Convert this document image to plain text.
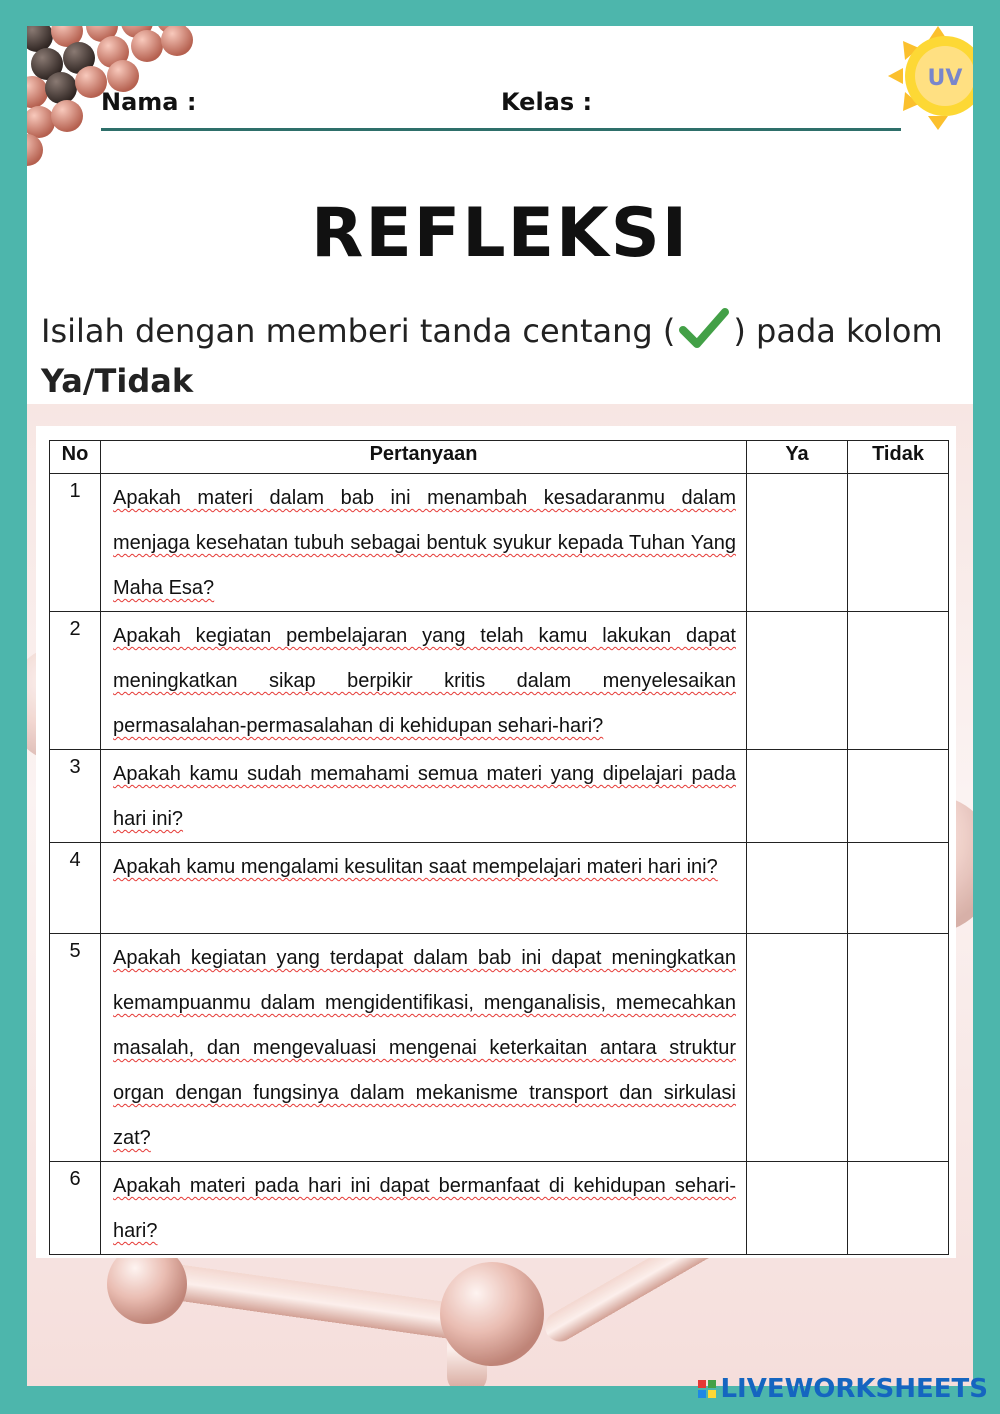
UV
Nama :	Kelas :
REFLEKSI
Isilah dengan memberi tanda centang ( ) pada kolom
Ya/Tidak
No	Pertanyaan	Ya	Tidak
1	Apakah materi dalam bab ini menambah kesadaranmu dalam menjaga kesehatan tubuh sebagai bentuk syukur kepada Tuhan Yang Maha Esa?		
2	Apakah kegiatan pembelajaran yang telah kamu lakukan dapat meningkatkan sikap berpikir kritis dalam menyelesaikan permasalahan-permasalahan di kehidupan sehari-hari?		
3	Apakah kamu sudah memahami semua materi yang dipelajari pada hari ini?		
4	Apakah kamu mengalami kesulitan saat mempelajari materi hari ini?		
5	Apakah kegiatan yang terdapat dalam bab ini dapat meningkatkan kemampuanmu dalam mengidentifikasi, menganalisis, memecahkan masalah, dan mengevaluasi mengenai keterkaitan antara struktur organ dengan fungsinya dalam mekanisme transport dan sirkulasi zat?		
6	Apakah materi pada hari ini dapat bermanfaat di kehidupan sehari-hari?		
LIVEWORKSHEETS
